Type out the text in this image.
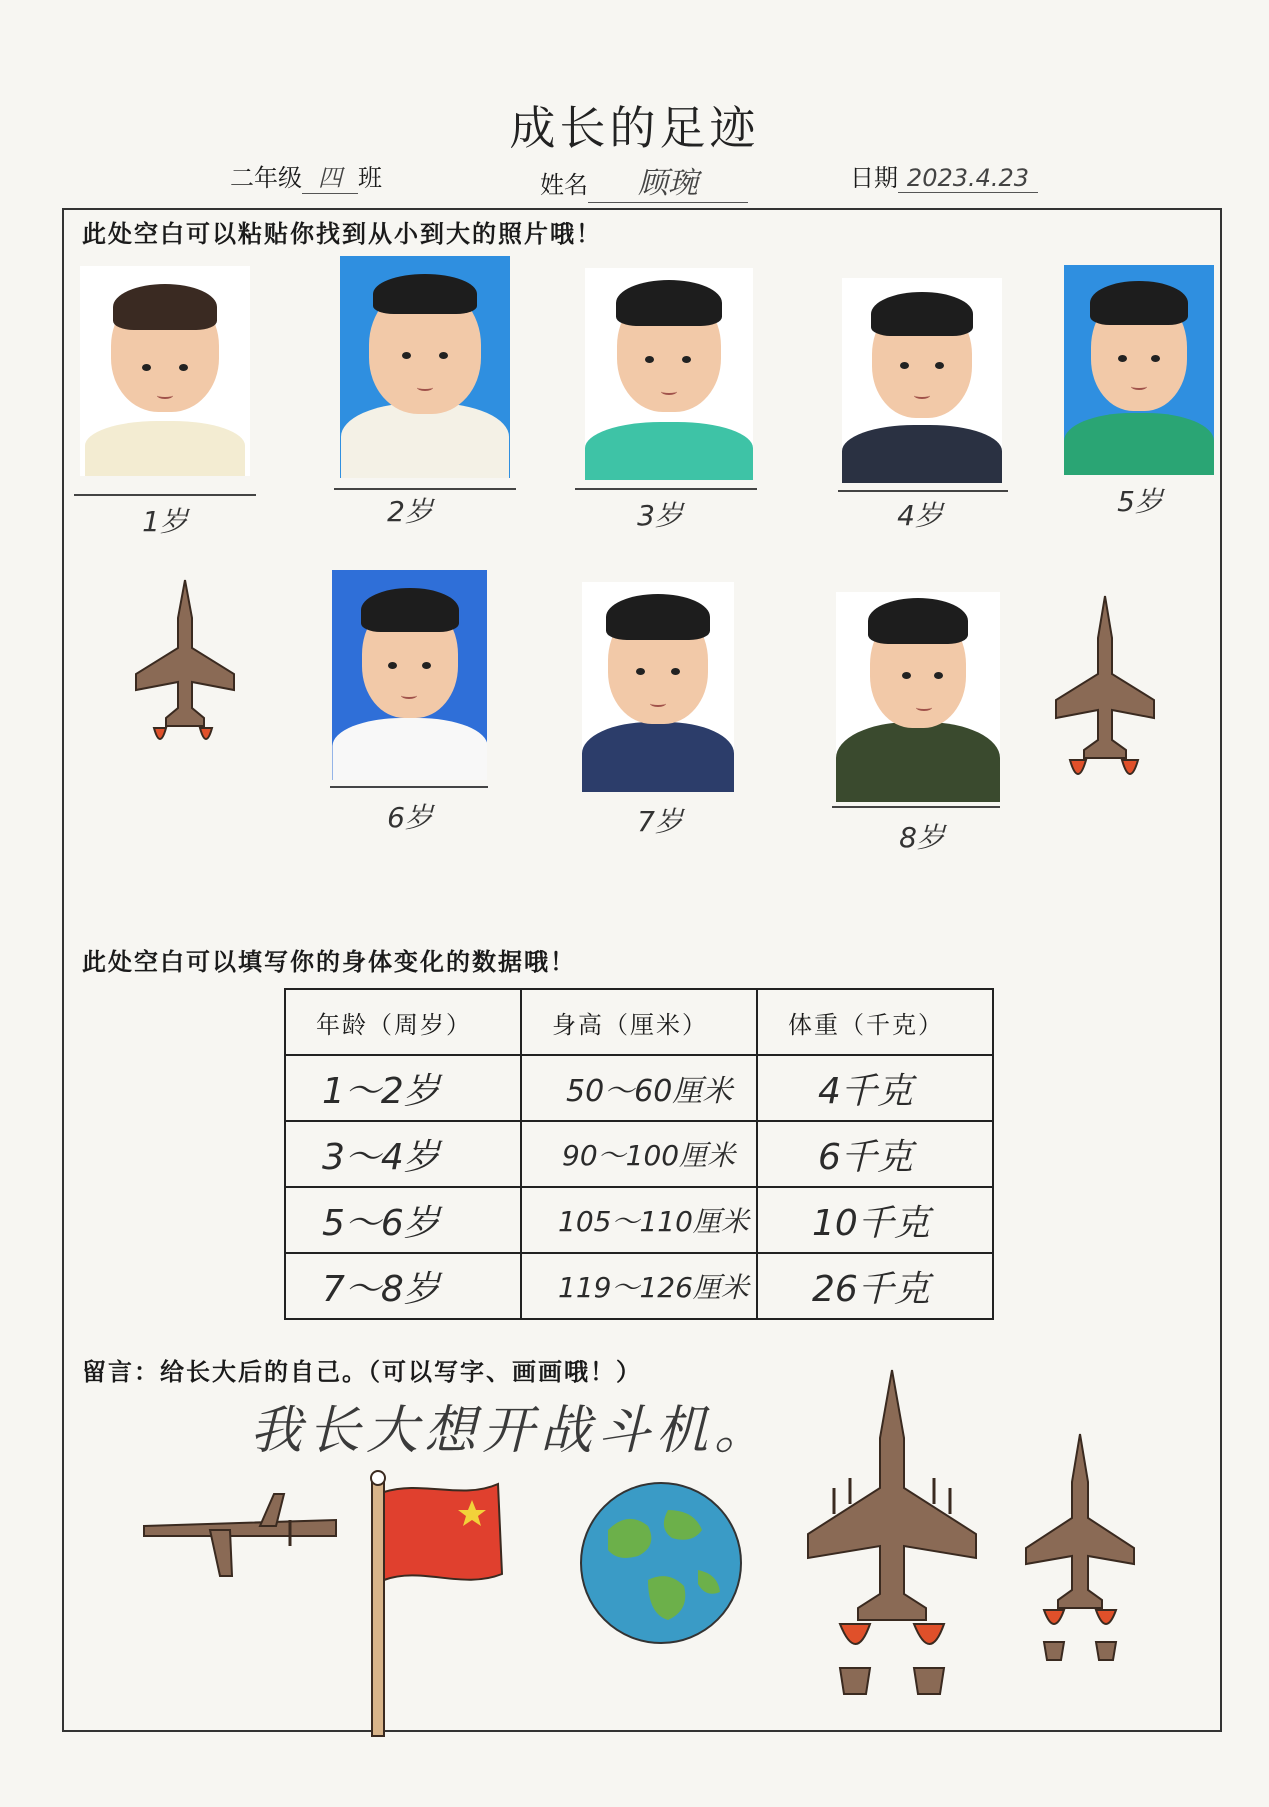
成长的足迹
二年级 四 班	姓名 顾琬	日期 2023.4.23
此处空白可以粘贴你找到从小到大的照片哦！
1岁	2岁	3岁	4岁	5岁
6岁	7岁	8岁
此处空白可以填写你的身体变化的数据哦！
年龄（周岁）	身高（厘米）	体重（千克）
1～2岁	50～60厘米	4千克
3～4岁	90～100厘米	6千克
5～6岁	105～110厘米	10千克
7～8岁	119～126厘米	26千克
留言：给长大后的自己。（可以写字、画画哦！）
我长大想开战斗机。
